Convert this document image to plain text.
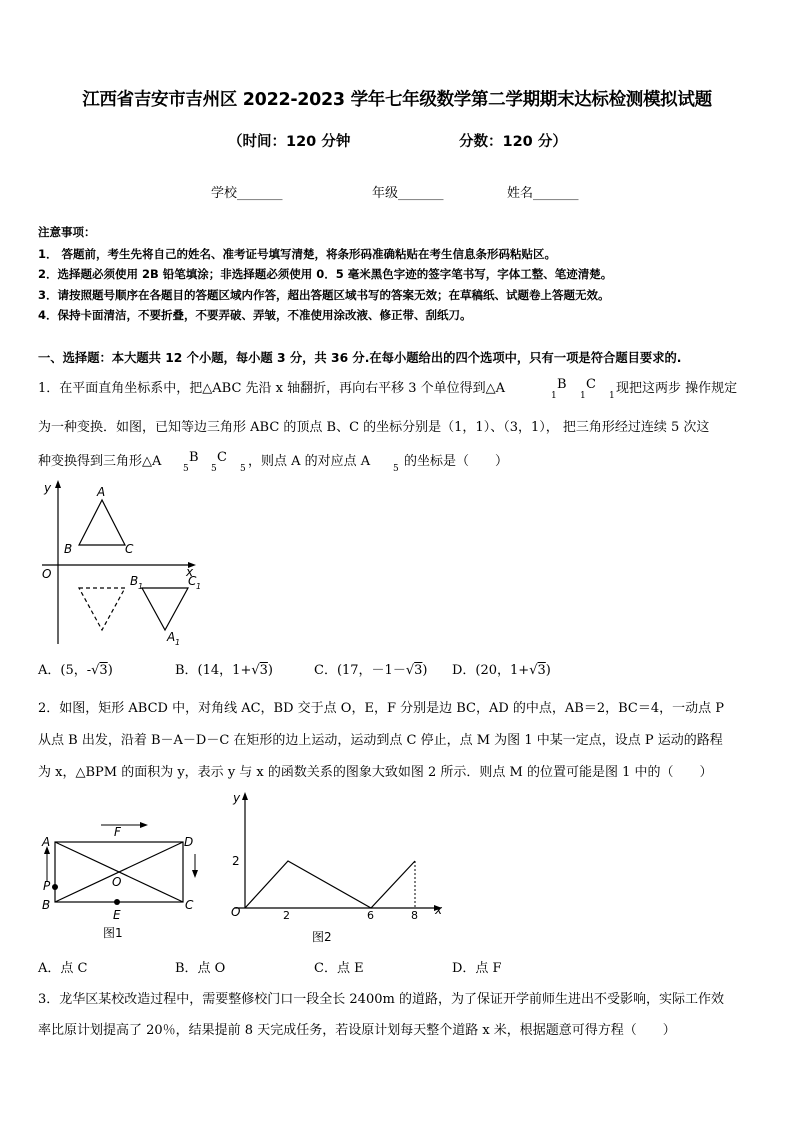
江西省吉安市吉州区 2022-2023 学年七年级数学第二学期期末达标检测模拟试题
（时间：120 分钟	分数：120 分）
学校_______	年级_______	姓名_______
注意事项：
1． 答题前，考生先将自己的姓名、准考证号填写清楚，将条形码准确粘贴在考生信息条形码粘贴区。
2．选择题必须使用 2B 铅笔填涂；非选择题必须使用 0．5 毫米黑色字迹的签字笔书写，字体工整、笔迹清楚。
3．请按照题号顺序在各题目的答题区域内作答，超出答题区域书写的答案无效；在草稿纸、试题卷上答题无效。
4．保持卡面清洁，不要折叠，不要弄破、弄皱，不准使用涂改液、修正带、刮纸刀。
一、选择题：本大题共 12 个小题，每小题 3 分，共 36 分.在每小题给出的四个选项中，只有一项是符合题目要求的.
1．在平面直角坐标系中，把△ABC 先沿 x 轴翻折，再向右平移 3 个单位得到△A	1
B
1
C
1 现把这两步 操作规定
为一种变换．如图，已知等边三角形 ABC 的顶点 B、C 的坐标分别是（1，1）、（3，1）， 把三角形经过连续 5 次这
种变换得到三角形△A 5
B
5
C
5 ，则点 A 的对应点 A	5 的坐标是（　　）
y
x
O
A
B	C
B 1	C 1
A 1
A．(5，-√3)	B．(14，1+√3)	C．(17，－1－√3) D．(20，1+√3)
2．如图，矩形 ABCD 中，对角线 AC，BD 交于点 O，E，F 分别是边 BC，AD 的中点，AB＝2，BC＝4，一动点 P
从点 B 出发，沿着 B－A－D－C 在矩形的边上运动，运动到点 C 停止，点 M 为图 1 中某一定点，设点 P 运动的路程
为 x，△BPM 的面积为 y，表示 y 与 x 的函数关系的图象大致如图 2 所示．则点 M 的位置可能是图 1 中的（　　）
A
B	C
D
O
E
F
P
图1
y
x
O
2
2	6	8
图2
A．点 C	B．点 O	C．点 E	D．点 F
3．龙华区某校改造过程中，需要整修校门口一段全长 2400m 的道路，为了保证开学前师生进出不受影响，实际工作效
率比原计划提高了 20％，结果提前 8 天完成任务，若设原计划每天整个道路 x 米，根据题意可得方程（　　）
